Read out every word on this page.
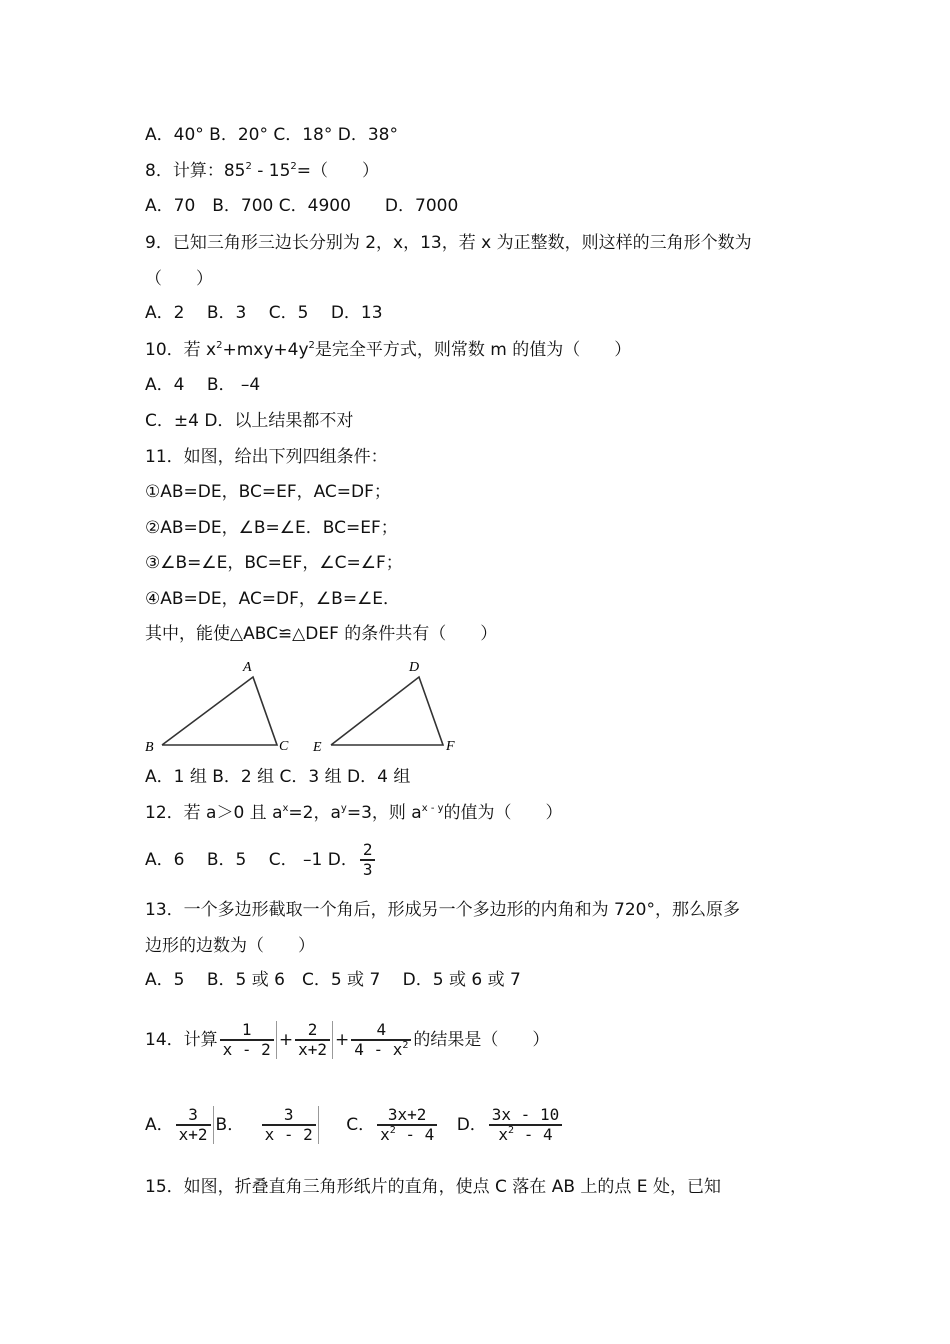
A．40° B．20° C．18° D．38°
8．计算：$85^2 - 15^2=$（　　）
A．70　B．700 C．4900　　D．7000
9．已知三角形三边长分别为 2，x，13，若 x 为正整数，则这样的三角形个数为
（　　）
A．2　 B．3　 C．5　 D．13
10．若 $x^2+mxy+4y^2$是完全平方式，则常数 m 的值为（　　）
A．4　 B． –4
C．±4 D．以上结果都不对
11．如图，给出下列四组条件：
①AB=DE，BC=EF，AC=DF；
②AB=DE，∠B=∠E．BC=EF；
③∠B=∠E，BC=EF，∠C=∠F；
④AB=DE，AC=DF，∠B=∠E．
其中，能使△ABC≌△DEF 的条件共有（　　）
A
B	C
D
E	F
A．1 组 B．2 组 C．3 组 D．4 组
12．若 a＞0 且 $a^x=2$，$a^y=3$，则 $a^{x - y}$的值为（　　）
A．6　 B．5　 C． –1 D． $\frac{2}{3}$
13．一个多边形截取一个角后，形成另一个多边形的内角和为 720°，那么原多
边形的边数为（　　）
A．5　 B．5 或 6　C．5 或 7　 D．5 或 6 或 7
14．计算 $\frac{1}{x - 2} + \frac{2}{x+2} + \frac{4}{4 - x^2}$ 的结果是（　　）
A． $\frac{3}{x+2}$ B． $\frac{3}{x - 2}$ C． $\frac{3x+2}{x^2 - 4}$ D． $\frac{3x - 10}{x^2 - 4}$
15．如图，折叠直角三角形纸片的直角，使点 C 落在 AB 上的点 E 处，已知
